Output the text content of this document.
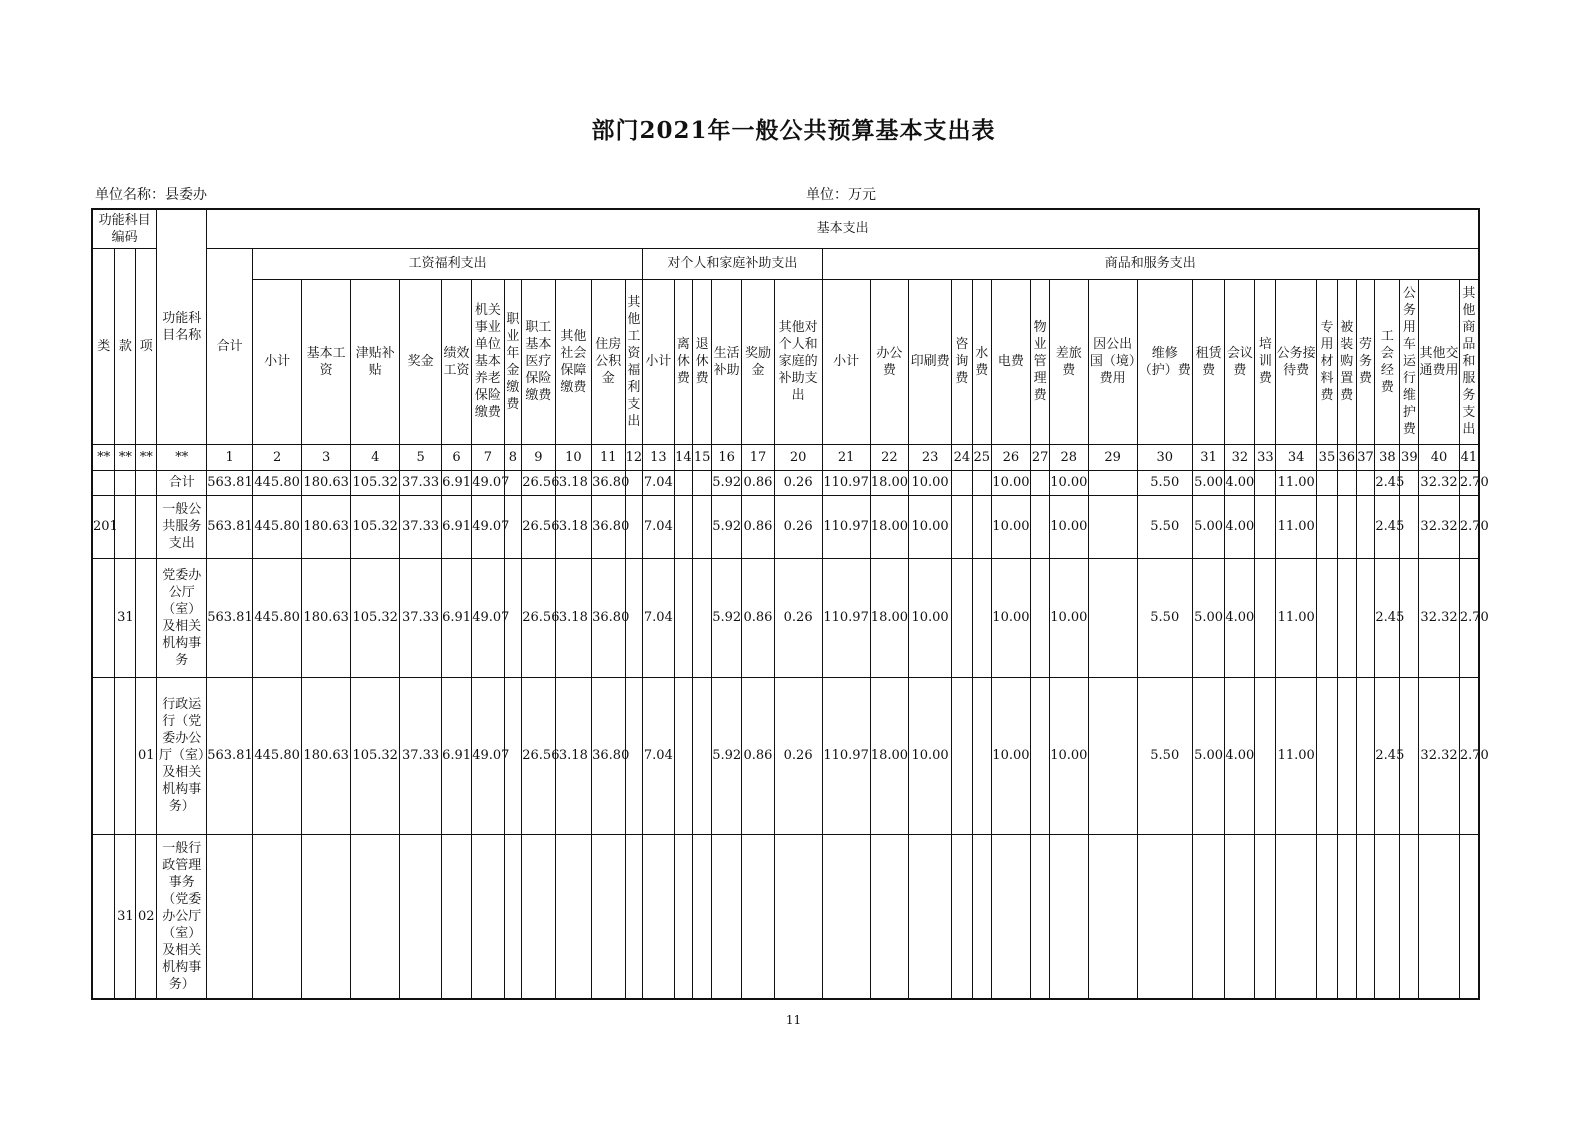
部门2021年一般公共预算基本支出表
单位名称：县委办	单位：万元
功能科目编码			功能科目名称	基本支出																																						
类	款	项		合计	工资福利支出											对个人和家庭补助支出						商品和服务支出																				
					小计	基本工资	津贴补贴	奖金	绩效工资	机关事业单位基本养老保险缴费	职业年金缴费	职工基本医疗保险缴费	其他社会保障缴费	住房公积金	其他工资福利支出	小计	离休费	退休费	生活补助	奖励金	其他对个人和家庭的补助支出	小计	办公费	印刷费	咨询费	水费	电费	物业管理费	差旅费	因公出国（境）费用	维修（护）费	租赁费	会议费	培训费	公务接待费	专用材料费	被装购置费	劳务费	工会经费	公务用车运行维护费	其他交通费用	其他商品和服务支出

**	**	**	**	1	2	3	4	5	6	7	8	9	10	11	12	13	14	15	16	17	20	21	22	23	24	25	26	27	28	29	30	31	32	33	34	35	36	37	38	39	40	41
			合计	563.81	445.80	180.63	105.32	37.33	6.91	49.07		26.56	3.18	36.80		7.04			5.92	0.86	0.26	110.97	18.00	10.00			10.00		10.00		5.50	5.00	4.00		11.00				2.45		32.32	2.70
201			一般公共服务支出	563.81	445.80	180.63	105.32	37.33	6.91	49.07		26.56	3.18	36.80		7.04			5.92	0.86	0.26	110.97	18.00	10.00			10.00		10.00		5.50	5.00	4.00		11.00				2.45		32.32	2.70
	31		党委办公厅（室）及相关机构事务	563.81	445.80	180.63	105.32	37.33	6.91	49.07		26.56	3.18	36.80		7.04			5.92	0.86	0.26	110.97	18.00	10.00			10.00		10.00		5.50	5.00	4.00		11.00				2.45		32.32	2.70
		01	行政运行（党委办公厅（室）及相关机构事务）	563.81	445.80	180.63	105.32	37.33	6.91	49.07		26.56	3.18	36.80		7.04			5.92	0.86	0.26	110.97	18.00	10.00			10.00		10.00		5.50	5.00	4.00		11.00				2.45		32.32	2.70
	31	02	一般行政管理事务（党委办公厅（室）及相关机构事务）																																							
11
